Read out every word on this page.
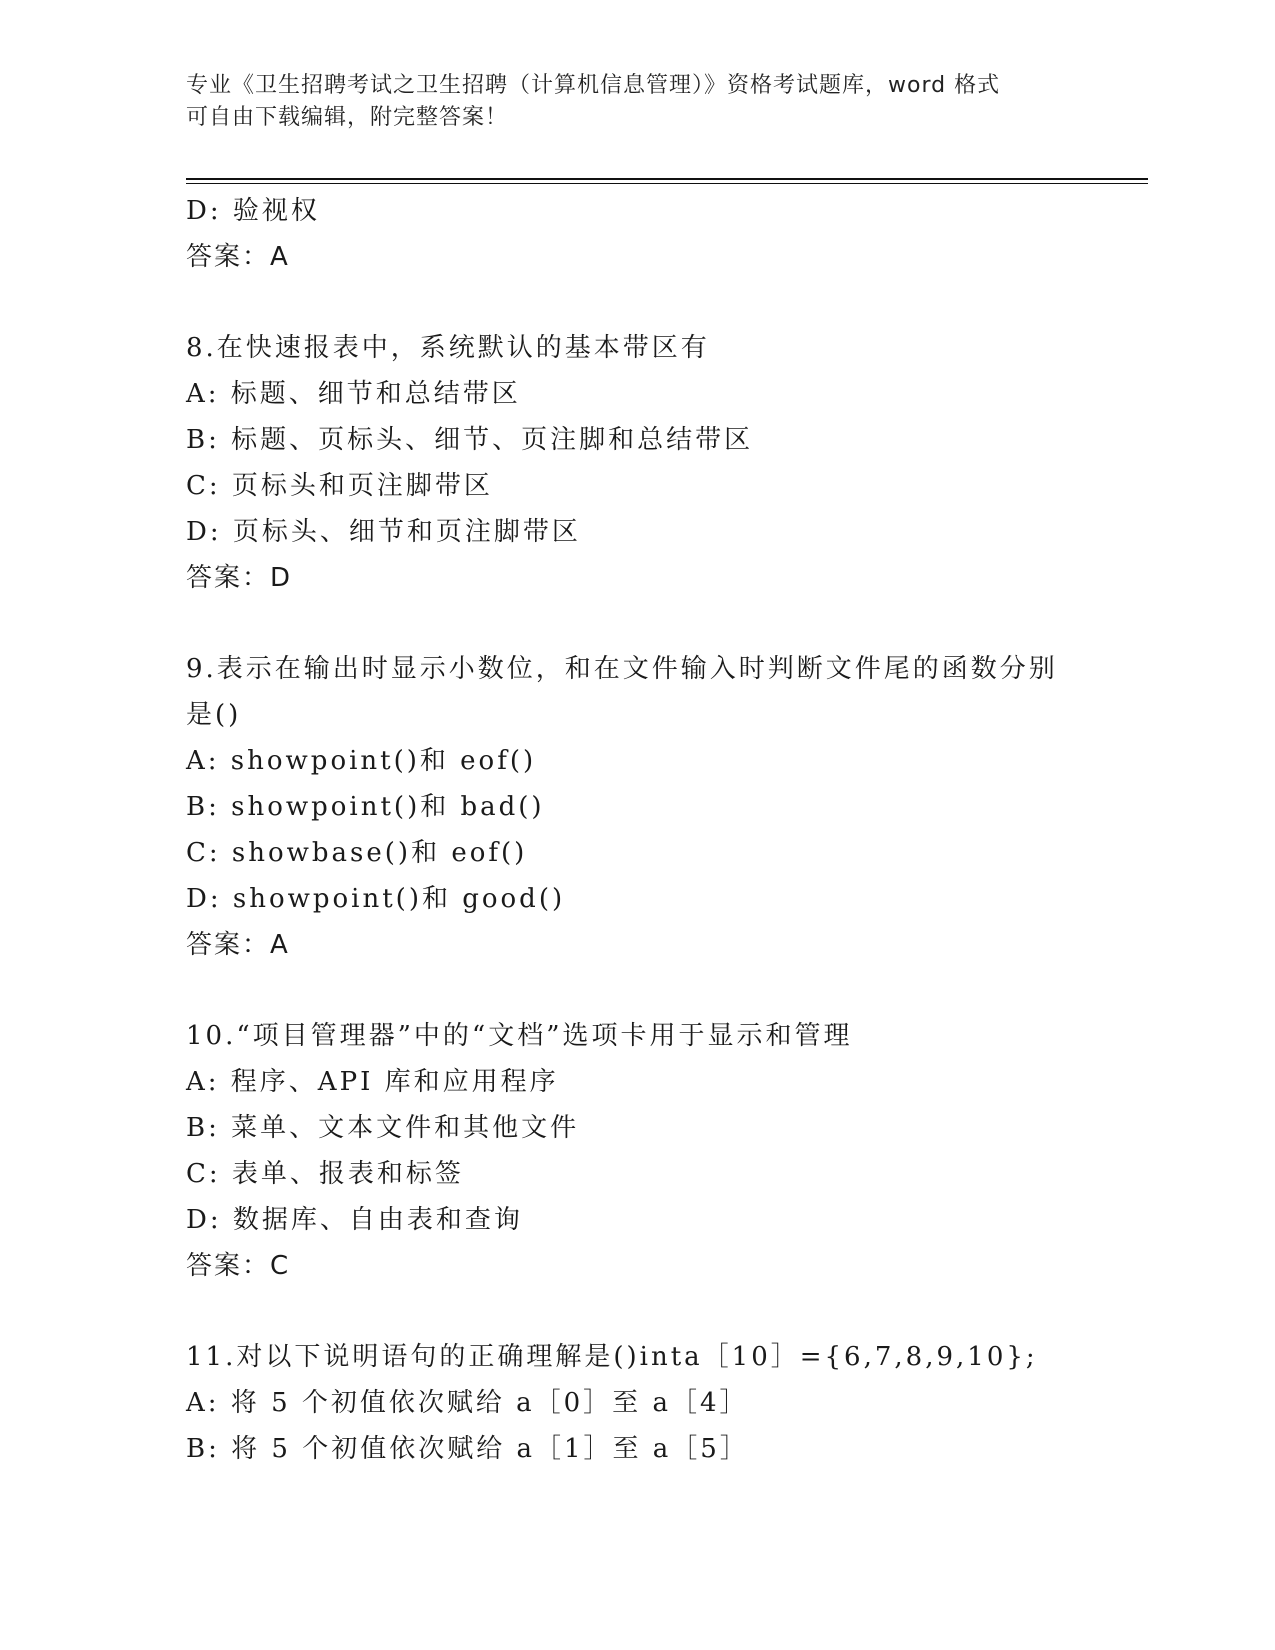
专业《卫生招聘考试之卫生招聘（计算机信息管理）》资格考试题库，word 格式
可自由下载编辑，附完整答案！
D: 验视权
答案：A
8.在快速报表中，系统默认的基本带区有
A: 标题、细节和总结带区
B: 标题、页标头、细节、页注脚和总结带区
C: 页标头和页注脚带区
D: 页标头、细节和页注脚带区
答案：D
9.表示在输出时显示小数位，和在文件输入时判断文件尾的函数分别
是()
A: showpoint()和 eof()
B: showpoint()和 bad()
C: showbase()和 eof()
D: showpoint()和 good()
答案：A
10.“项目管理器”中的“文档”选项卡用于显示和管理
A: 程序、API 库和应用程序
B: 菜单、文本文件和其他文件
C: 表单、报表和标签
D: 数据库、自由表和查询
答案：C
11.对以下说明语句的正确理解是()inta［10］={6,7,8,9,10};
A: 将 5 个初值依次赋给 a［0］至 a［4］
B: 将 5 个初值依次赋给 a［1］至 a［5］
